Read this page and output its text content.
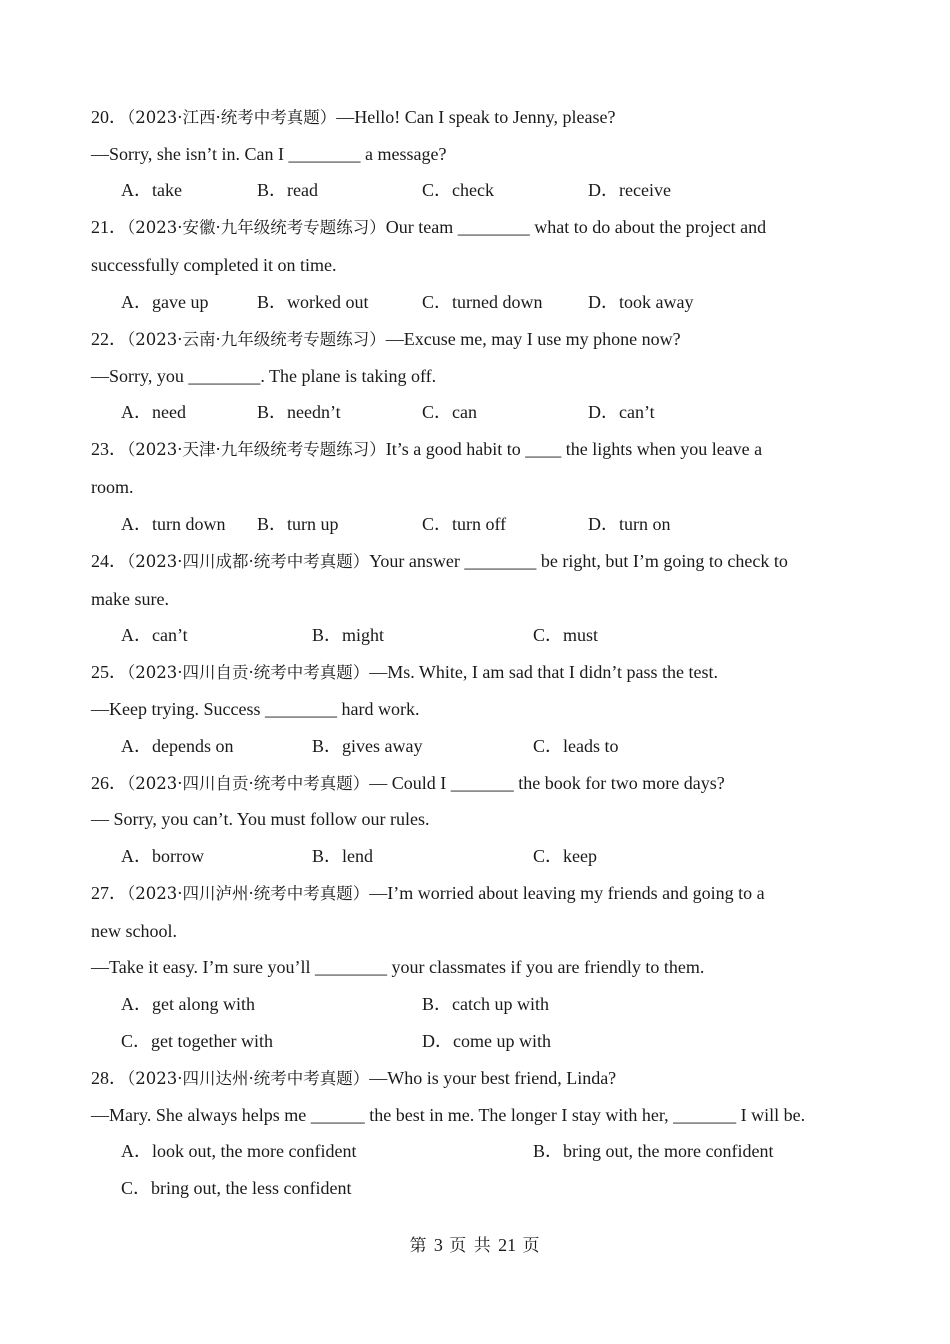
20．（2023·江西·统考中考真题）—Hello! Can I speak to Jenny, please?
—Sorry, she isn’t in. Can I ________ a message?
A．take	B．read	C．check	D．receive
21．（2023·安徽·九年级统考专题练习）Our team ________ what to do about the project and
successfully completed it on time.
A．gave up	B．worked out	C．turned down	D．took away
22．（2023·云南·九年级统考专题练习）—Excuse me, may I use my phone now?
—Sorry, you ________. The plane is taking off.
A．need	B．needn’t	C．can	D．can’t
23．（2023·天津·九年级统考专题练习）It’s a good habit to ____ the lights when you leave a
room.
A．turn down B．turn up	C．turn off	D．turn on
24．（2023·四川成都·统考中考真题）Your answer ________ be right, but I’m going to check to
make sure.
A．can’t	B．might	C．must
25．（2023·四川自贡·统考中考真题）—Ms. White, I am sad that I didn’t pass the test.
—Keep trying. Success ________ hard work.
A．depends on	B．gives away	C．leads to
26．（2023·四川自贡·统考中考真题）— Could I _______ the book for two more days?
— Sorry, you can’t. You must follow our rules.
A．borrow	B．lend	C．keep
27．（2023·四川泸州·统考中考真题）—I’m worried about leaving my friends and going to a
new school.
—Take it easy. I’m sure you’ll ________ your classmates if you are friendly to them.
A．get along with	B．catch up with
C．get together with	D．come up with
28．（2023·四川达州·统考中考真题）—Who is your best friend, Linda?
—Mary. She always helps me ______ the best in me. The longer I stay with her, _______ I will be.
A．look out, the more confident	B．bring out, the more confident
C．bring out, the less confident
第 3 页 共 21 页
